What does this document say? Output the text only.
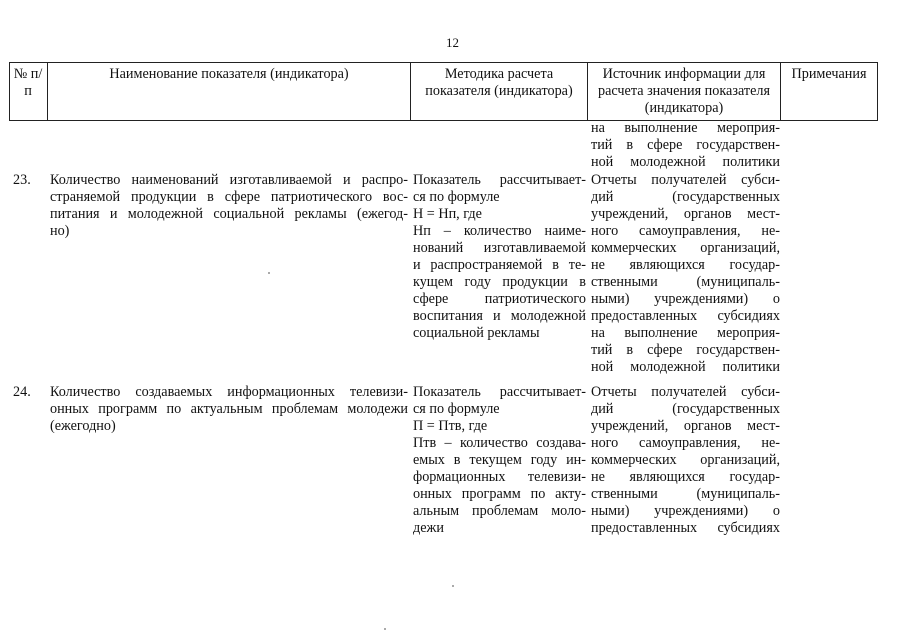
12
№ п/п
Наименование показателя (индикатора)	Методика расчета показателя (индикатора)
Источник информации для расчета значения показателя (индикатора)
Примечания
на выполнение мероприя-
тий в сфере государствен-
ной молодежной политики
23. Количество наименований изготавливаемой и распро-
страняемой продукции в сфере патриотического вос-
питания и молодежной социальной рекламы (ежегод-
но)
Показатель рассчитывает-
ся по формуле
Н = Нп, где
Нп – количество наиме-
нований изготавливаемой
и распространяемой в те-
кущем году продукции в
сфере патриотического
воспитания и молодежной
социальной рекламы
Отчеты получателей субси-
дий (государственных
учреждений, органов мест-
ного самоуправления, не-
коммерческих организаций,
не являющихся государ-
ственными (муниципаль-
ными) учреждениями) о
предоставленных субсидиях
на выполнение мероприя-
тий в сфере государствен-
ной молодежной политики
24. Количество создаваемых информационных телевизи-
онных программ по актуальным проблемам молодежи
(ежегодно)
Показатель рассчитывает-
ся по формуле
П = Птв, где
Птв – количество создава-
емых в текущем году ин-
формационных телевизи-
онных программ по акту-
альным проблемам моло-
дежи
Отчеты получателей субси-
дий (государственных
учреждений, органов мест-
ного самоуправления, не-
коммерческих организаций,
не являющихся государ-
ственными (муниципаль-
ными) учреждениями) о
предоставленных субсидиях
